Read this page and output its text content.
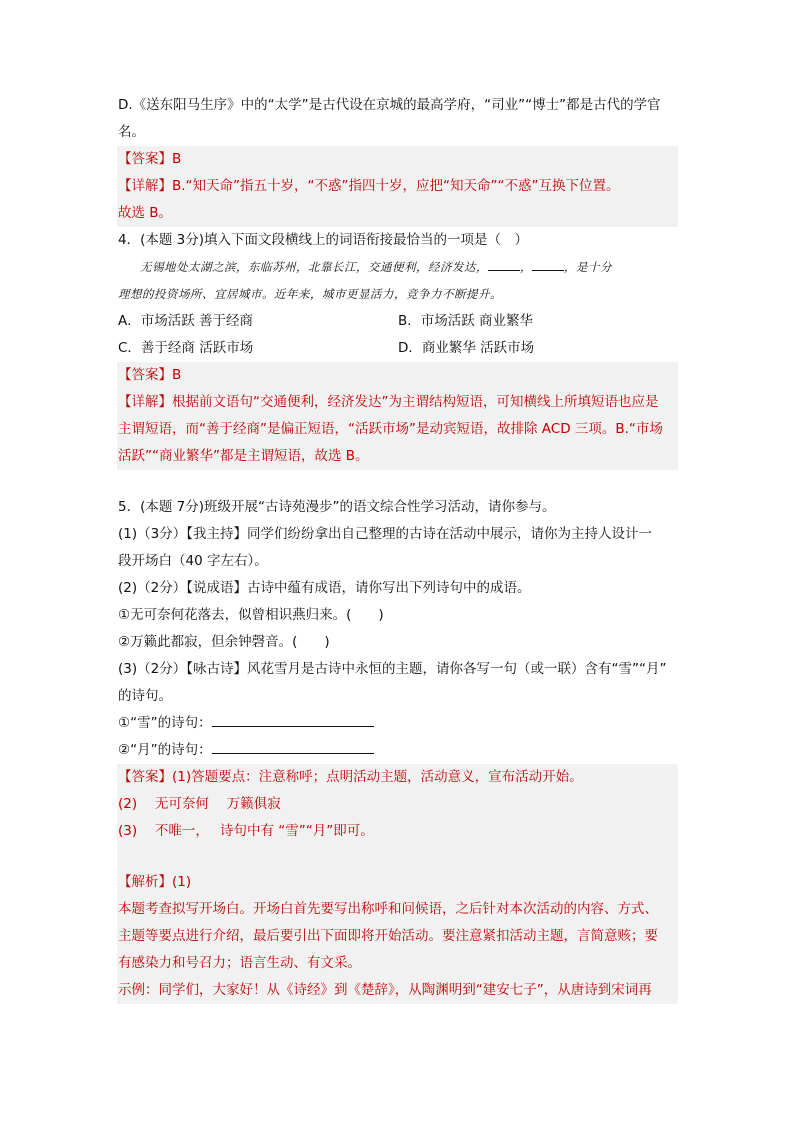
D.《送东阳马生序》中的“太学”是古代设在京城的最高学府，“司业”“博士”都是古代的学官

名。

【答案】B

【详解】B.“知天命”指五十岁，“不惑”指四十岁，应把“知天命”“不惑”互换下位置。

故选 B。

4．(本题 3分)填入下面文段横线上的词语衔接最恰当的一项是（　）

无锡地处太湖之滨，东临苏州，北靠长江，交通便利，经济发达，	，	，是十分

理想的投资场所、宜居城市。近年来，城市更显活力，竞争力不断提升。

A．市场活跃 善于经商	B．市场活跃 商业繁华
C．善于经商 活跃市场	D．商业繁华 活跃市场

【答案】B

【详解】根据前文语句“交通便利，经济发达”为主谓结构短语，可知横线上所填短语也应是

主谓短语，而“善于经商”是偏正短语，“活跃市场”是动宾短语，故排除 ACD 三项。B.“市场

活跃”“商业繁华”都是主谓短语，故选 B。

5．(本题 7分)班级开展“古诗苑漫步”的语文综合性学习活动，请你参与。

(1)（3分）【我主持】同学们纷纷拿出自己整理的古诗在活动中展示，请你为主持人设计一

段开场白（40 字左右）。

(2)（2分）【说成语】古诗中蕴有成语，请你写出下列诗句中的成语。

①无可奈何花落去，似曾相识燕归来。(　　)

②万籁此都寂，但余钟磬音。(　　)

(3)（2分）【咏古诗】风花雪月是古诗中永恒的主题，请你各写一句（或一联）含有“雪”“月”

的诗句。

①“雪”的诗句：

②“月”的诗句：

【答案】(1)答题要点：注意称呼；点明活动主题，活动意义，宣布活动开始。

(2)　 无可奈何　 万籁俱寂

(3)　 不唯一，　 诗句中有 “雪”“月”即可。

【解析】(1)

本题考查拟写开场白。开场白首先要写出称呼和问候语，之后针对本次活动的内容、方式、

主题等要点进行介绍，最后要引出下面即将开始活动。要注意紧扣活动主题，言简意赅；要

有感染力和号召力；语言生动、有文采。

示例：同学们，大家好！从《诗经》到《楚辞》，从陶渊明到“建安七子”，从唐诗到宋词再
